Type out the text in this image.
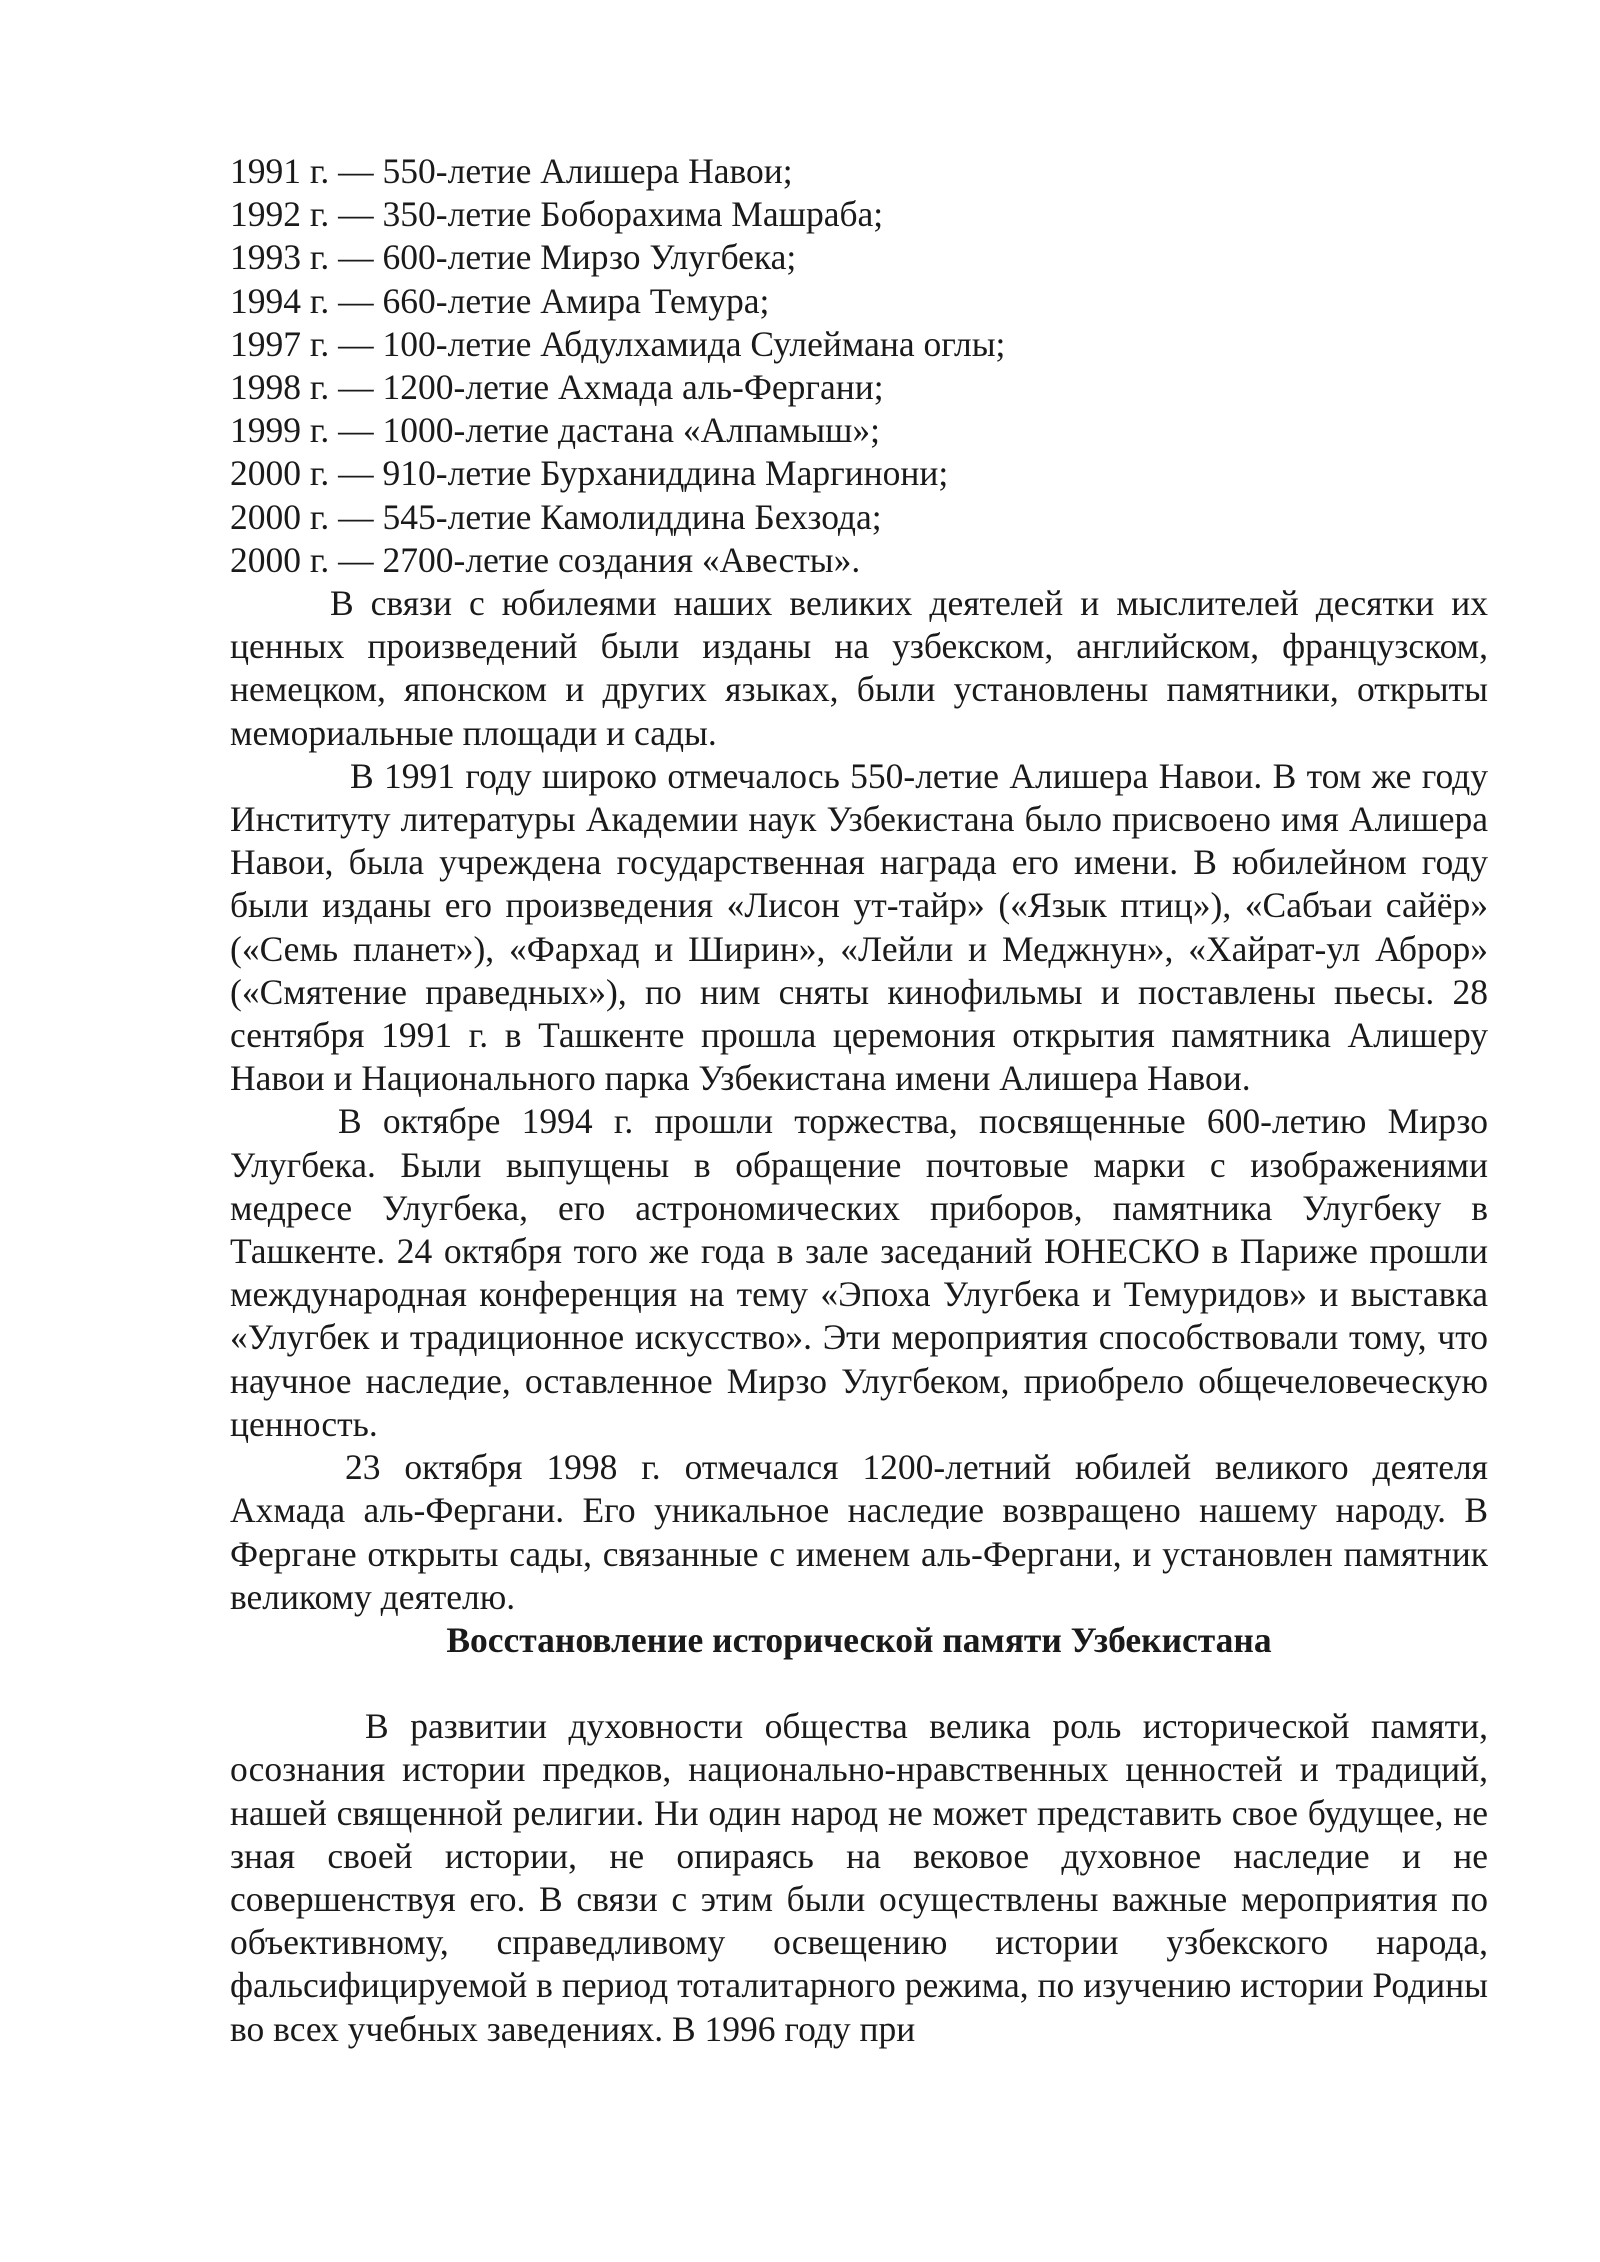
1991 г. — 550-летие Алишера Навои;

1992 г. — 350-летие Боборахима Машраба;

1993 г. — 600-летие Мирзо Улугбека;

1994 г. — 660-летие Амира Темура;

1997 г. — 100-летие Абдулхамида Сулеймана оглы;

1998 г. — 1200-летие Ахмада аль-Фергани;

1999 г. — 1000-летие дастана «Алпамыш»;

2000 г. — 910-летие Бурханиддина Маргинони;

2000 г. — 545-летие Камолиддина Бехзода;

2000 г. — 2700-летие создания «Авесты».

В связи с юбилеями наших великих деятелей и мыслителей десятки их ценных произведений были изданы на узбекском, английском, французском, немецком, японском и других языках, были установлены памятники, открыты мемориальные площади и сады.

В 1991 году широко отмечалось 550-летие Алишера Навои. В том же году Институту литературы Академии наук Узбекистана было присвоено имя Алишера Навои, была учреждена государственная награда его имени. В юбилейном году были изданы его произведения «Лисон ут-тайр» («Язык птиц»), «Сабъаи сайёр» («Семь планет»), «Фархад и Ширин», «Лейли и Меджнун», «Хайрат-ул Аброр» («Смятение праведных»), по ним сняты кинофильмы и поставлены пьесы. 28 сентября 1991 г. в Ташкенте прошла церемония открытия памятника Алишеру Навои и Национального парка Узбекистана имени Алишера Навои.

В октябре 1994 г. прошли торжества, посвященные 600-летию Мирзо Улугбека. Были выпущены в обращение почтовые марки с изображениями медресе Улугбека, его астрономических приборов, памятника Улугбеку в Ташкенте. 24 октября того же года в зале заседаний ЮНЕСКО в Париже прошли международная конференция на тему «Эпоха Улугбека и Темуридов» и выставка «Улугбек и традиционное искусство». Эти мероприятия способствовали тому, что научное наследие, оставленное Мирзо Улугбеком, приобрело общечеловеческую ценность.

23 октября 1998 г. отмечался 1200-летний юбилей великого деятеля Ахмада аль-Фергани. Его уникальное наследие возвращено нашему народу. В Фергане открыты сады, связанные с именем аль-Фергани, и установлен памятник великому деятелю.

Восстановление исторической памяти Узбекистана

В развитии духовности общества велика роль исторической памяти, осознания истории предков, национально-нравственных ценностей и традиций, нашей священной религии. Ни один народ не может представить свое будущее, не зная своей истории, не опираясь на вековое духовное наследие и не совершенствуя его. В связи с этим были осуществлены важные мероприятия по объективному, справедливому освещению истории узбекского народа, фальсифицируемой в период тоталитарного режима, по изучению истории Родины во всех учебных заведениях. В 1996 году при
